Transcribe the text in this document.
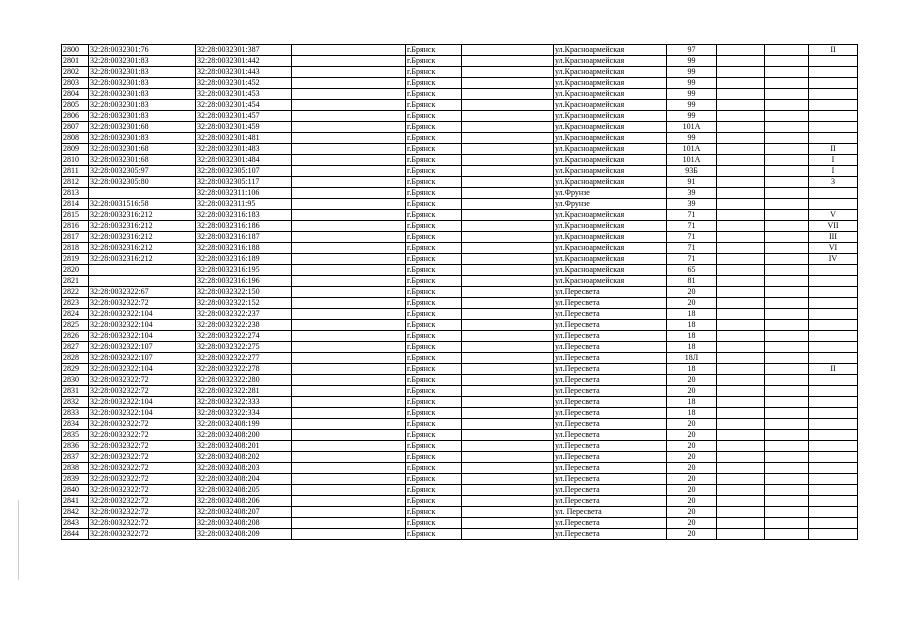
2800	32:28:0032301:76	32:28:0032301:387		г.Брянск		ул.Красноармейская	97			II
2801	32:28:0032301:83	32:28:0032301:442		г.Брянск		ул.Красноармейская	99			
2802	32:28:0032301:83	32:28:0032301:443		г.Брянск		ул.Красноармейская	99			
2803	32:28:0032301:83	32:28:0032301:452		г.Брянск		ул.Красноармейская	99			
2804	32:28:0032301:83	32:28:0032301:453		г.Брянск		ул.Красноармейская	99			
2805	32:28:0032301:83	32:28:0032301:454		г.Брянск		ул.Красноармейская	99			
2806	32:28:0032301:83	32:28:0032301:457		г.Брянск		ул.Красноармейская	99			
2807	32:28:0032301:68	32:28:0032301:459		г.Брянск		ул.Красноармейская	101А			
2808	32:28:0032301:83	32:28:0032301:481		г.Брянск		ул.Красноармейская	99			
2809	32:28:0032301:68	32:28:0032301:483		г.Брянск		ул.Красноармейская	101А			II
2810	32:28:0032301:68	32:28:0032301:484		г.Брянск		ул.Красноармейская	101А			I
2811	32:28:0032305:97	32:28:0032305:107		г.Брянск		ул.Красноармейская	93Б			I
2812	32:28:0032305:80	32:28:0032305:117		г.Брянск		ул.Красноармейская	91			3
2813		32:28:0032311:106		г.Брянск		ул.Фрунзе	39			
2814	32:28:0031516:58	32:28:0032311:95		г.Брянск		ул.Фрунзе	39			
2815	32:28:0032316:212	32:28:0032316:183		г.Брянск		ул.Красноармейская	71			V
2816	32:28:0032316:212	32:28:0032316:186		г.Брянск		ул.Красноармейская	71			VII
2817	32:28:0032316:212	32:28:0032316:187		г.Брянск		ул.Красноармейская	71			III
2818	32:28:0032316:212	32:28:0032316:188		г.Брянск		ул.Красноармейская	71			VI
2819	32:28:0032316:212	32:28:0032316:189		г.Брянск		ул.Красноармейская	71			IV
2820		32:28:0032316:195		г.Брянск		ул.Красноармейская	65			
2821		32:28:0032316:196		г.Брянск		ул.Красноармейская	81			
2822	32:28:0032322:67	32:28:0032322:150		г.Брянск		ул.Пересвета	20			
2823	32:28:0032322:72	32:28:0032322:152		г.Брянск		ул.Пересвета	20			
2824	32:28:0032322:104	32:28:0032322:237		г.Брянск		ул.Пересвета	18			
2825	32:28:0032322:104	32:28:0032322:238		г.Брянск		ул.Пересвета	18			
2826	32:28:0032322:104	32:28:0032322:274		г.Брянск		ул.Пересвета	18			
2827	32:28:0032322:107	32:28:0032322:275		г.Брянск		ул.Пересвета	18			
2828	32:28:0032322:107	32:28:0032322:277		г.Брянск		ул.Пересвета	18Л			
2829	32:28:0032322:104	32:28:0032322:278		г.Брянск		ул.Пересвета	18			II
2830	32:28:0032322:72	32:28:0032322:280		г.Брянск		ул.Пересвета	20			
2831	32:28:0032322:72	32:28:0032322:281		г.Брянск		ул.Пересвета	20			
2832	32:28:0032322:104	32:28:0032322:333		г.Брянск		ул.Пересвета	18			
2833	32:28:0032322:104	32:28:0032322:334		г.Брянск		ул.Пересвета	18			
2834	32:28:0032322:72	32:28:0032408:199		г.Брянск		ул.Пересвета	20			
2835	32:28:0032322:72	32:28:0032408:200		г.Брянск		ул.Пересвета	20			
2836	32:28:0032322:72	32:28:0032408:201		г.Брянск		ул.Пересвета	20			
2837	32:28:0032322:72	32:28:0032408:202		г.Брянск		ул.Пересвета	20			
2838	32:28:0032322:72	32:28:0032408:203		г.Брянск		ул.Пересвета	20			
2839	32:28:0032322:72	32:28:0032408:204		г.Брянск		ул.Пересвета	20			
2840	32:28:0032322:72	32:28:0032408:205		г.Брянск		ул.Пересвета	20			
2841	32:28:0032322:72	32:28:0032408:206		г.Брянск		ул.Пересвета	20			
2842	32:28:0032322:72	32:28:0032408:207		г.Брянск		ул. Пересвета	20			
2843	32:28:0032322:72	32:28:0032408:208		г.Брянск		ул.Пересвета	20			
2844	32:28:0032322:72	32:28:0032408:209		г.Брянск		ул.Пересвета	20			
